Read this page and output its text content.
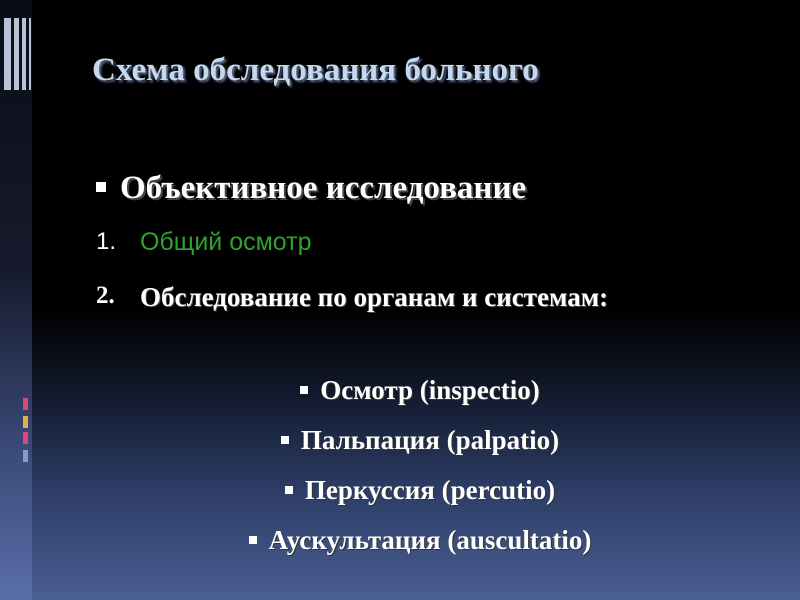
Схема обследования больного
Объективное исследование
1. Общий осмотр
2. Обследование по органам и системам:
Осмотр (inspectio)
Пальпация (palpatio)
Перкуссия (percutio)
Аускультация (auscultatio)
